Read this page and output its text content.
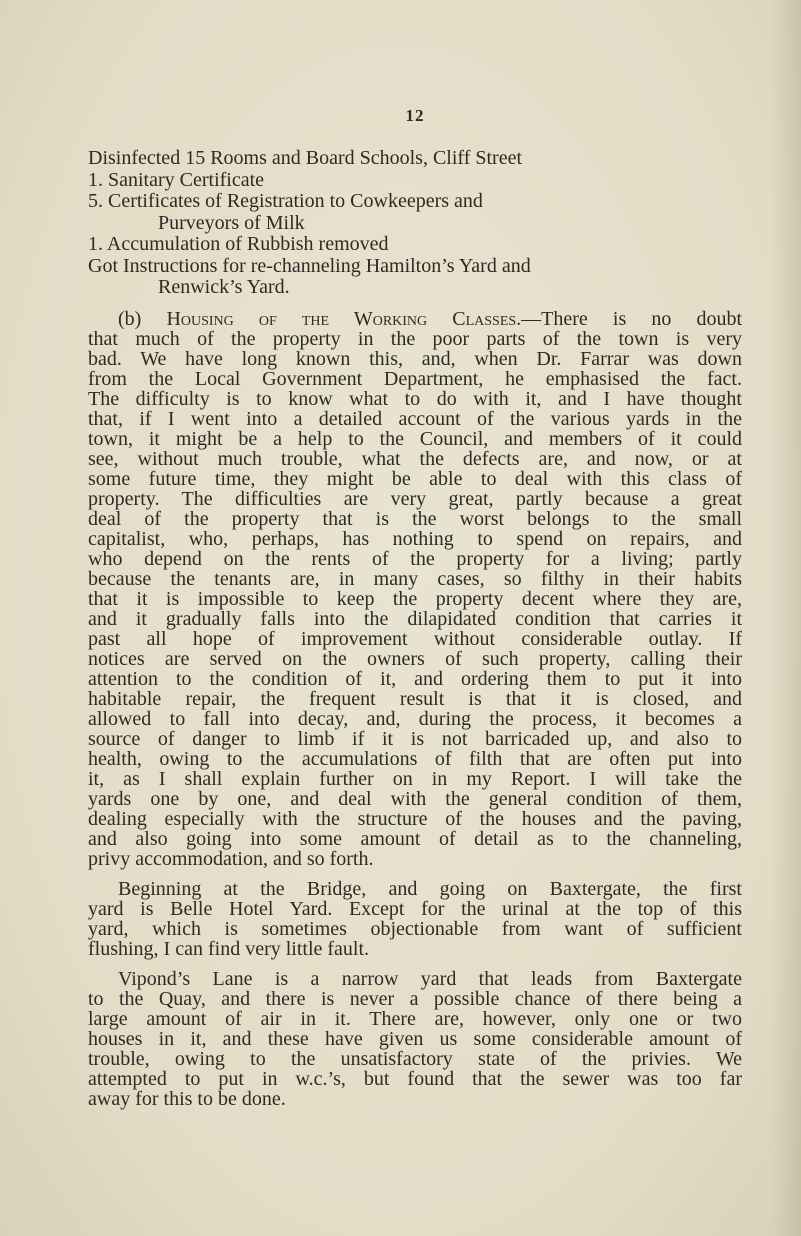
12
Disinfected 15 Rooms and Board Schools, Cliff Street
1. Sanitary Certificate
5. Certificates of Registration to Cowkeepers and
Purveyors of Milk
1. Accumulation of Rubbish removed
Got Instructions for re-channeling Hamilton’s Yard and
Renwick’s Yard.
(b) Housing of the Working Classes.—There is no doubt
that much of the property in the poor parts of the town is very
bad. We have long known this, and, when Dr. Farrar was down
from the Local Government Department, he emphasised the fact.
The difficulty is to know what to do with it, and I have thought
that, if I went into a detailed account of the various yards in the
town, it might be a help to the Council, and members of it could
see, without much trouble, what the defects are, and now, or at
some future time, they might be able to deal with this class of
property. The difficulties are very great, partly because a great
deal of the property that is the worst belongs to the small
capitalist, who, perhaps, has nothing to spend on repairs, and
who depend on the rents of the property for a living; partly
because the tenants are, in many cases, so filthy in their habits
that it is impossible to keep the property decent where they are,
and it gradually falls into the dilapidated condition that carries it
past all hope of improvement without considerable outlay. If
notices are served on the owners of such property, calling their
attention to the condition of it, and ordering them to put it into
habitable repair, the frequent result is that it is closed, and
allowed to fall into decay, and, during the process, it becomes a
source of danger to limb if it is not barricaded up, and also to
health, owing to the accumulations of filth that are often put into
it, as I shall explain further on in my Report. I will take the
yards one by one, and deal with the general condition of them,
dealing especially with the structure of the houses and the paving,
and also going into some amount of detail as to the channeling,
privy accommodation, and so forth.
Beginning at the Bridge, and going on Baxtergate, the first
yard is Belle Hotel Yard. Except for the urinal at the top of this
yard, which is sometimes objectionable from want of sufficient
flushing, I can find very little fault.
Vipond’s Lane is a narrow yard that leads from Baxtergate
to the Quay, and there is never a possible chance of there being a
large amount of air in it. There are, however, only one or two
houses in it, and these have given us some considerable amount of
trouble, owing to the unsatisfactory state of the privies. We
attempted to put in w.c.’s, but found that the sewer was too far
away for this to be done.
